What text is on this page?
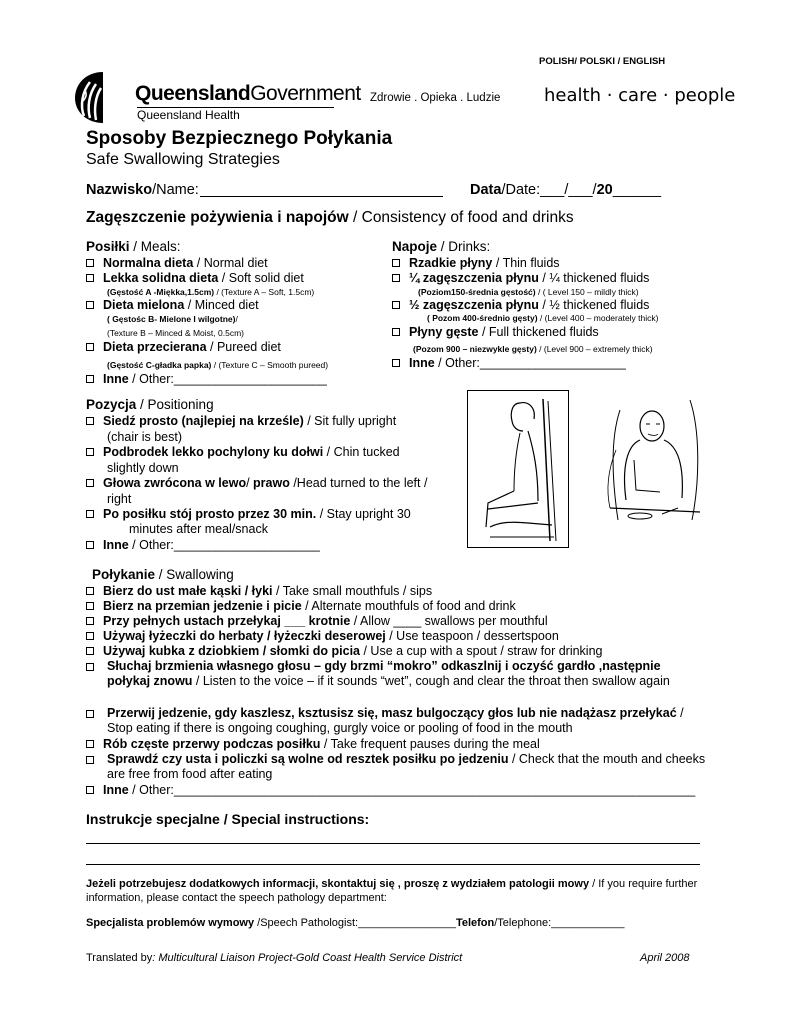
POLISH/ POLSKI / ENGLISH
QueenslandGovernment
Queensland Health
Zdrowie . Opieka . Ludzie health · care · people
Sposoby Bezpiecznego Połykania
Safe Swallowing Strategies
Nazwisko/Name:	Data/Date:___/___/20______
Zagęszczenie pożywienia i napojów / Consistency of food and drinks
Posiłki / Meals:
Normalna dieta / Normal diet
Lekka solidna dieta / Soft solid diet
(Gęstość A -Miękka,1.5cm) / (Texture A – Soft, 1.5cm)
Dieta mielona / Minced diet
( Gęstośc B- Mielone I wilgotne)/
(Texture B – Minced & Moist, 0.5cm)
Dieta przecierana / Pureed diet
(Gęstość C-gładka papka) / (Texture C – Smooth pureed)
Inne / Other:______________________
Napoje / Drinks:
Rzadkie płyny / Thin fluids
¼ zagęszczenia płynu / ¼ thickened fluids
(Poziom150-średnia gęstość) / ( Level 150 – mildly thick)
½ zagęszczenia płynu / ½ thickened fluids
( Pozom 400-średnio gęsty) / (Level 400 – moderately thick)
Płyny gęste / Full thickened fluids
(Pozom 900 – niezwykle gęsty) / (Level 900 – extremely thick)
Inne / Other:_____________________
Pozycja / Positioning
Siedź prosto (najlepiej na krześle) / Sit fully upright
(chair is best)
Podbrodek lekko pochylony ku dołwi / Chin tucked
slightly down
Głowa zwrócona w lewo/ prawo /Head turned to the left /
right
Po posiłku stój prosto przez 30 min. / Stay upright 30
minutes after meal/snack
Inne / Other:_____________________
Połykanie / Swallowing
Bierz do ust małe kąski / łyki / Take small mouthfuls / sips
Bierz na przemian jedzenie i picie / Alternate mouthfuls of food and drink
Przy pełnych ustach przełykaj ___ krotnie / Allow ____ swallows per mouthful
Używaj łyżeczki do herbaty / łyżeczki deserowej / Use teaspoon / dessertspoon
Używaj kubka z dziobkiem / słomki do picia / Use a cup with a spout / straw for drinking
Słuchaj brzmienia własnego głosu – gdy brzmi “mokro” odkaszlnij i oczyść gardło ,następnie połykaj znowu / Listen to the voice – if it sounds “wet”, cough and clear the throat then swallow again
Przerwij jedzenie, gdy kaszlesz, ksztusisz się, masz bulgoczący głos lub nie nadążasz przełykać / Stop eating if there is ongoing coughing, gurgly voice or pooling of food in the mouth
Rób częste przerwy podczas posiłku / Take frequent pauses during the meal
Sprawdź czy usta i policzki są wolne od resztek posiłku po jedzeniu / Check that the mouth and cheeks are free from food after eating
Inne / Other:___________________________________________________________________________
Instrukcje specjalne / Special instructions:
Jeżeli potrzebujesz dodatkowych informacji, skontaktuj się , proszę z wydziałem patologii mowy / If you require further information, please contact the speech pathology department:
Specjalista problemów wymowy /Speech Pathologist:________________Telefon/Telephone:____________
Translated by: Multicultural Liaison Project-Gold Coast Health Service District	April 2008
